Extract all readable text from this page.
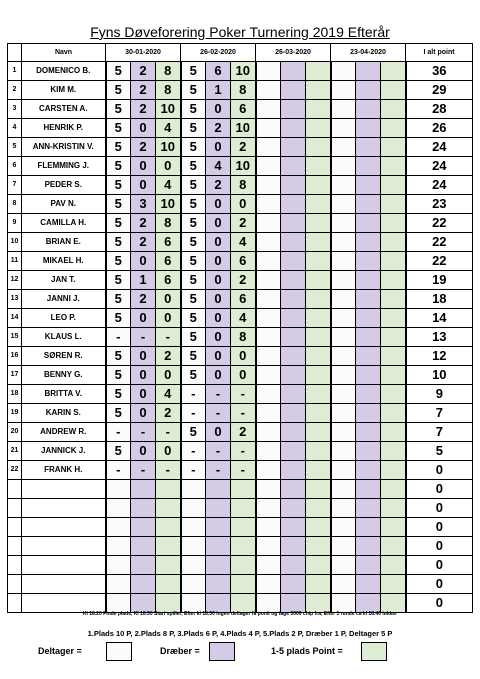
Fyns Døveforering Poker Turnering 2019 Efterår
	Navn	30-01-2020			26-02-2020			26-03-2020			23-04-2020			I alt point
1	DOMENICO B.	5	2	8	5	6	10							36
2	KIM M.	5	2	8	5	1	8							29
3	CARSTEN A.	5	2	10	5	0	6							28
4	HENRIK P.	5	0	4	5	2	10							26
5	ANN-KRISTIN V.	5	2	10	5	0	2							24
6	FLEMMING J.	5	0	0	5	4	10							24
7	PEDER S.	5	0	4	5	2	8							24
8	PAV N.	5	3	10	5	0	0							23
9	CAMILLA H.	5	2	8	5	0	2							22
10	BRIAN E.	5	2	6	5	0	4							22
11	MIKAEL H.	5	0	6	5	0	6							22
12	JAN T.	5	1	6	5	0	2							19
13	JANNI J.	5	2	0	5	0	6							18
14	LEO P.	5	0	0	5	0	4							14
15	KLAUS L.	-	-	-	5	0	8							13
16	SØREN R.	5	0	2	5	0	0							12
17	BENNY G.	5	0	0	5	0	0							10
18	BRITTA V.	5	0	4	-	-	-							9
19	KARIN S.	5	0	2	-	-	-							7
20	ANDREW R.	-	-	-	5	0	2							7
21	JANNICK J.	5	0	0	-	-	-							5
22	FRANK H.	-	-	-	-	-	-							0
														0
														0
														0
														0
														0
														0
														0
Kl 18.20 Finde plads, Kl 18.30 Start spiller, Efter kl 18.30 Ingen deltager få ponit og tage 3000 chip fra, Efter 1 runde ca kl 18.40 lukker
1.Plads 10 P, 2.Plads 8 P, 3.Plads 6 P, 4.Plads 4 P, 5.Plads 2 P, Dræber 1 P, Deltager 5 P
Deltager =	Dræber =	1-5 plads Point =
